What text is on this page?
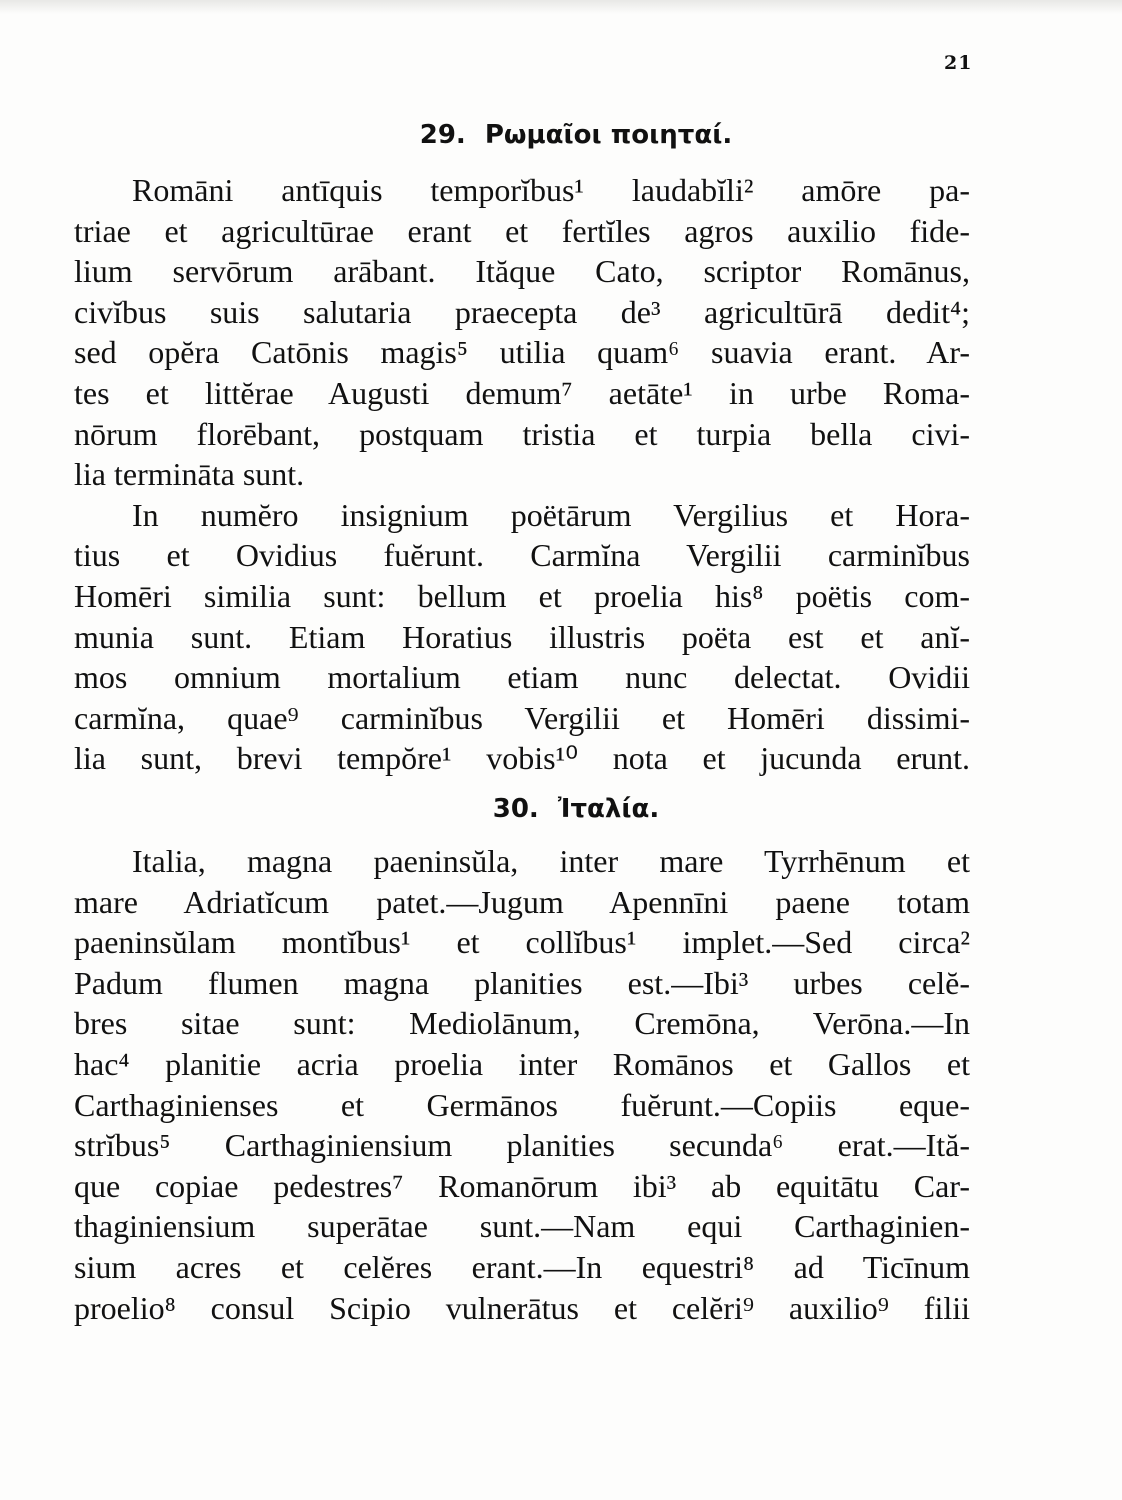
21
29. Ρωμαῖοι ποιηταί.

Romāni antīquis temporĭbus¹ laudabĭli² amōre pa-
triae et agricultūrae erant et fertĭles agros auxilio fide-
lium servōrum arābant. Ităque Cato, scriptor Romānus,
civĭbus suis salutaria praecepta de³ agricultūrā dedit⁴;
sed opĕra Catōnis magis⁵ utilia quam⁶ suavia erant. Ar-
tes et littĕrae Augusti demum⁷ aetāte¹ in urbe Roma-
nōrum florēbant, postquam tristia et turpia bella civi-
lia termināta sunt.

In numĕro insignium poëtārum Vergilius et Hora-
tius et Ovidius fuĕrunt. Carmĭna Vergilii carminĭbus
Homēri similia sunt: bellum et proelia his⁸ poëtis com-
munia sunt. Etiam Horatius illustris poëta est et anĭ-
mos omnium mortalium etiam nunc delectat. Ovidii
carmĭna, quae⁹ carminĭbus Vergilii et Homēri dissimi-
lia sunt, brevi tempŏre¹ vobis¹⁰ nota et jucunda erunt.

30. Ἰταλία.

Italia, magna paeninsŭla, inter mare Tyrrhēnum et
mare Adriatĭcum patet.—Jugum Apennīni paene totam
paeninsŭlam montĭbus¹ et collĭbus¹ implet.—Sed circa²
Padum flumen magna planities est.—Ibi³ urbes celĕ-
bres sitae sunt: Mediolānum, Cremōna, Verōna.—In
hac⁴ planitie acria proelia inter Romānos et Gallos et
Carthaginienses et Germānos fuĕrunt.—Copiis eque-
strĭbus⁵ Carthaginiensium planities secunda⁶ erat.—Ită-
que copiae pedestres⁷ Romanōrum ibi³ ab equitātu Car-
thaginiensium superātae sunt.—Nam equi Carthaginien-
sium acres et celĕres erant.—In equestri⁸ ad Ticīnum
proelio⁸ consul Scipio vulnerātus et celĕri⁹ auxilio⁹ filii
